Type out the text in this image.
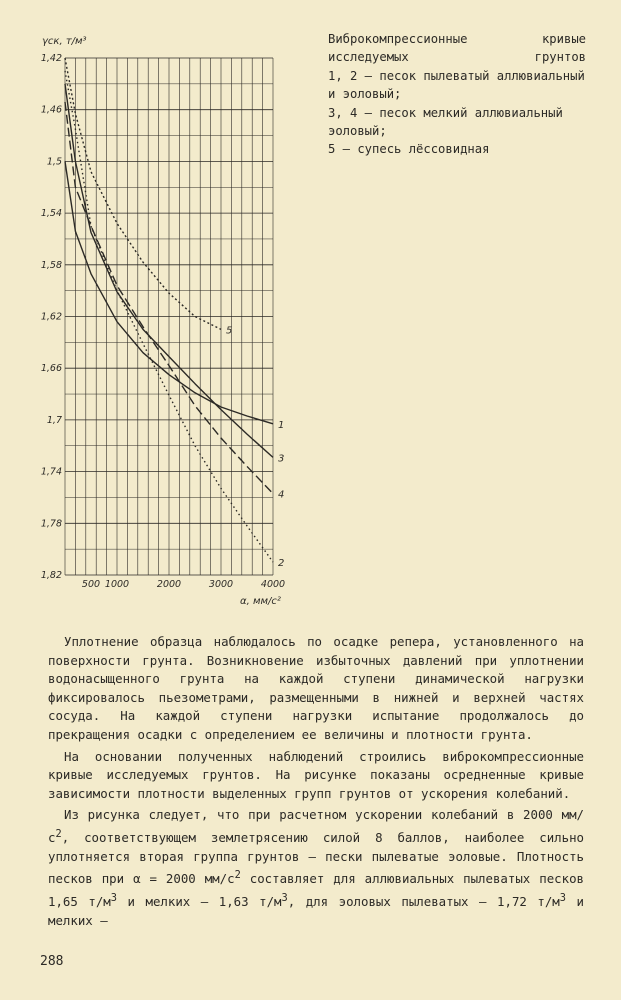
γск, т/м³
1,42
1,46
1,5
1,54
1,58
1,62
1,66
1,7
1,74
1,78
1,82
500 1000	2000	3000	4000
1
2
3
4
5
α, мм/с²
Виброкомпрессионные кривые исследуемых грунтов
1, 2 – песок пылеватый аллювиальный и эоловый;
3, 4 – песок мелкий аллювиальный эоловый;
5 – супесь лёссовидная

Уплотнение образца наблюдалось по осадке репера, установленного на поверхности грунта. Возникновение избыточных давлений при уплотнении водонасыщенного грунта на каждой ступени динамической нагрузки фиксировалось пьезометрами, размещенными в нижней и верхней частях сосуда. На каждой ступени нагрузки испытание продолжалось до прекращения осадки с определением ее величины и плотности грунта.

На основании полученных наблюдений строились виброкомпрессионные кривые исследуемых грунтов. На рисунке показаны осредненные кривые зависимости плотности выделенных групп грунтов от ускорения колебаний.

Из рисунка следует, что при расчетном ускорении колебаний в 2000 $мм/с^2$, соответствующем землетрясению силой 8 баллов, наиболее сильно уплотняется вторая группа грунтов – пески пылеватые эоловые. Плотность песков при α = 2000 $мм/с^2$ составляет для аллювиальных пылеватых песков 1,65 $т/м^3$ и мелких – 1,63 $т/м^3$, для эоловых пылеватых – 1,72 $т/м^3$ и мелких –

288
